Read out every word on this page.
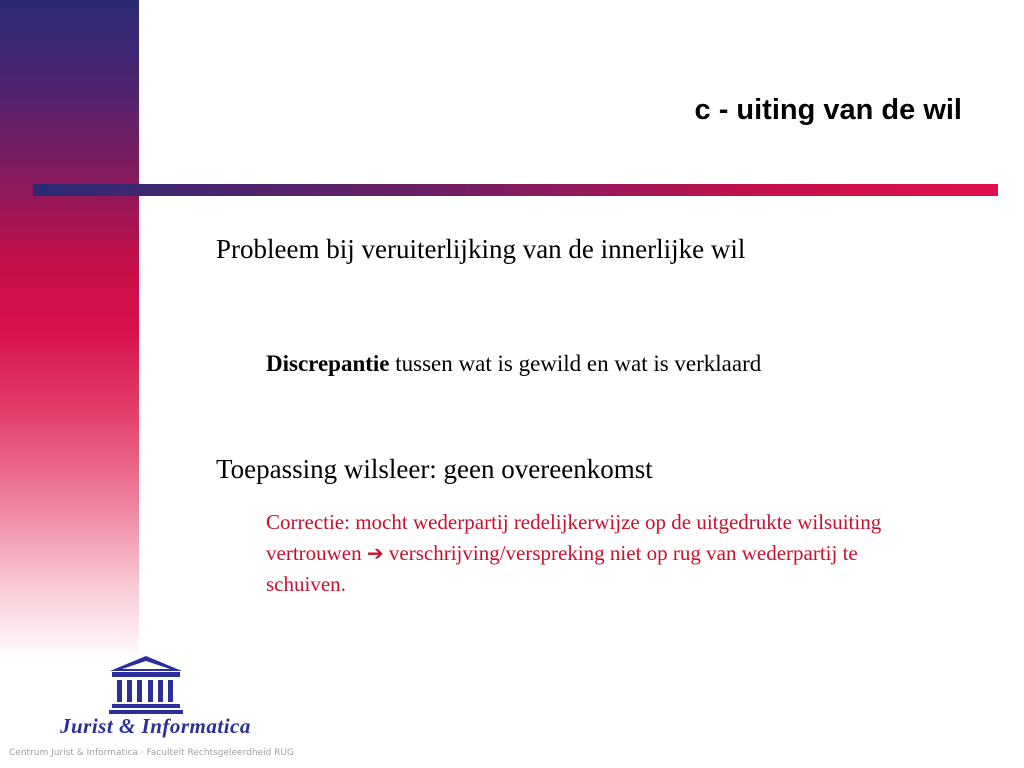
c - uiting van de wil
Probleem bij veruiterlijking van de innerlijke wil
Discrepantie tussen wat is gewild en wat is verklaard
Toepassing wilsleer: geen overeenkomst
Correctie: mocht wederpartij redelijkerwijze op de uitgedrukte wilsuiting vertrouwen ➔ verschrijving/verspreking niet op rug van wederpartij te schuiven.
Jurist & Informatica
Centrum Jurist & Informatica · Faculteit Rechtsgeleerdheid RUG
